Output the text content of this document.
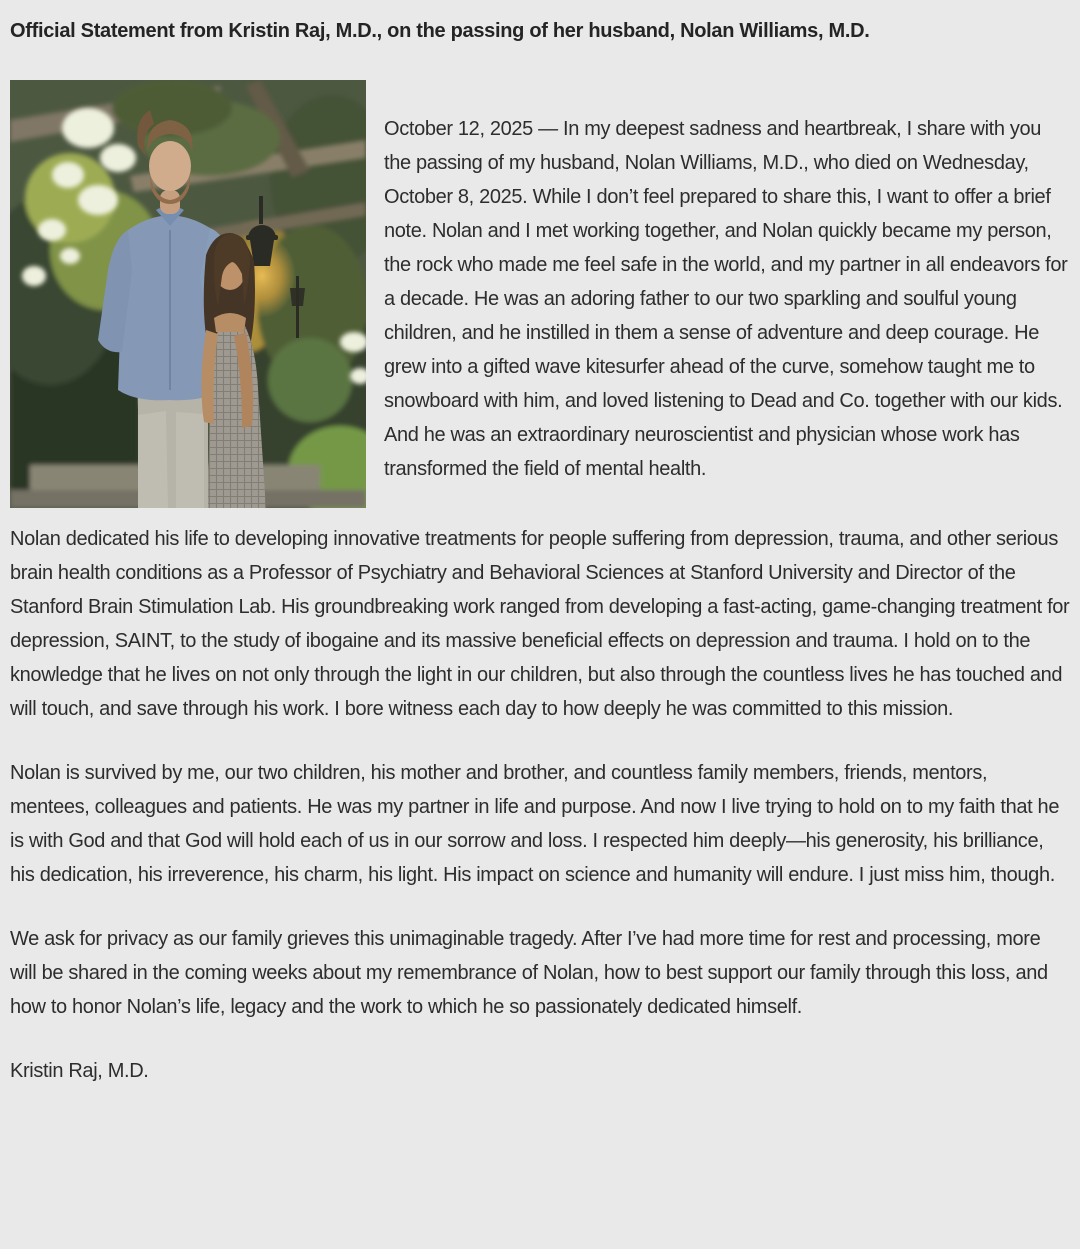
Official Statement from Kristin Raj, M.D., on the passing of her husband, Nolan Williams, M.D.

October 12, 2025 — In my deepest sadness and heartbreak, I share with you the passing of my husband, Nolan Williams, M.D., who died on Wednesday, October 8, 2025. While I don’t feel prepared to share this, I want to offer a brief note. Nolan and I met working together, and Nolan quickly became my person, the rock who made me feel safe in the world, and my partner in all endeavors for a decade. He was an adoring father to our two sparkling and soulful young children, and he instilled in them a sense of adventure and deep courage. He grew into a gifted wave kitesurfer ahead of the curve, somehow taught me to snowboard with him, and loved listening to Dead and Co. together with our kids. And he was an extraordinary neuroscientist and physician whose work has transformed the field of mental health.

Nolan dedicated his life to developing innovative treatments for people suffering from depression, trauma, and other serious brain health conditions as a Professor of Psychiatry and Behavioral Sciences at Stanford University and Director of the Stanford Brain Stimulation Lab. His groundbreaking work ranged from developing a fast-acting, game-changing treatment for depression, SAINT, to the study of ibogaine and its massive beneficial effects on depression and trauma. I hold on to the knowledge that he lives on not only through the light in our children, but also through the countless lives he has touched and will touch, and save through his work. I bore witness each day to how deeply he was committed to this mission.

Nolan is survived by me, our two children, his mother and brother, and countless family members, friends, mentors, mentees, colleagues and patients. He was my partner in life and purpose. And now I live trying to hold on to my faith that he is with God and that God will hold each of us in our sorrow and loss. I respected him deeply—his generosity, his brilliance, his dedication, his irreverence, his charm, his light. His impact on science and humanity will endure. I just miss him, though.

We ask for privacy as our family grieves this unimaginable tragedy. After I’ve had more time for rest and processing, more will be shared in the coming weeks about my remembrance of Nolan, how to best support our family through this loss, and how to honor Nolan’s life, legacy and the work to which he so passionately dedicated himself.

Kristin Raj, M.D.
